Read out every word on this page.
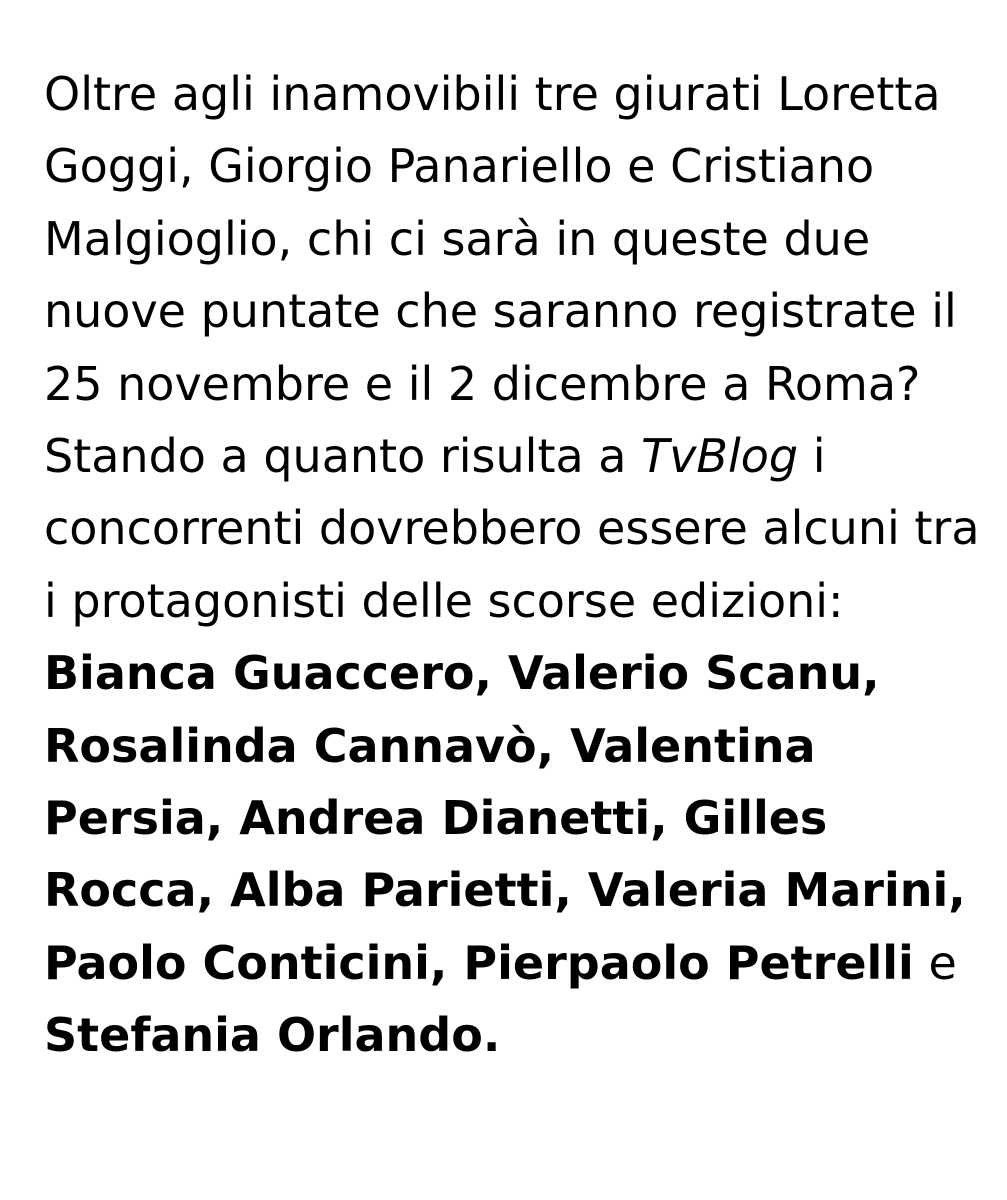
Oltre agli inamovibili tre giurati Loretta
Goggi, Giorgio Panariello e Cristiano
Malgioglio, chi ci sarà in queste due
nuove puntate che saranno registrate il
25 novembre e il 2 dicembre a Roma?
Stando a quanto risulta a TvBlog i
concorrenti dovrebbero essere alcuni tra
i protagonisti delle scorse edizioni:
Bianca Guaccero, Valerio Scanu,
Rosalinda Cannavò, Valentina
Persia, Andrea Dianetti, Gilles
Rocca, Alba Parietti, Valeria Marini,
Paolo Conticini, Pierpaolo Petrelli e
Stefania Orlando.
